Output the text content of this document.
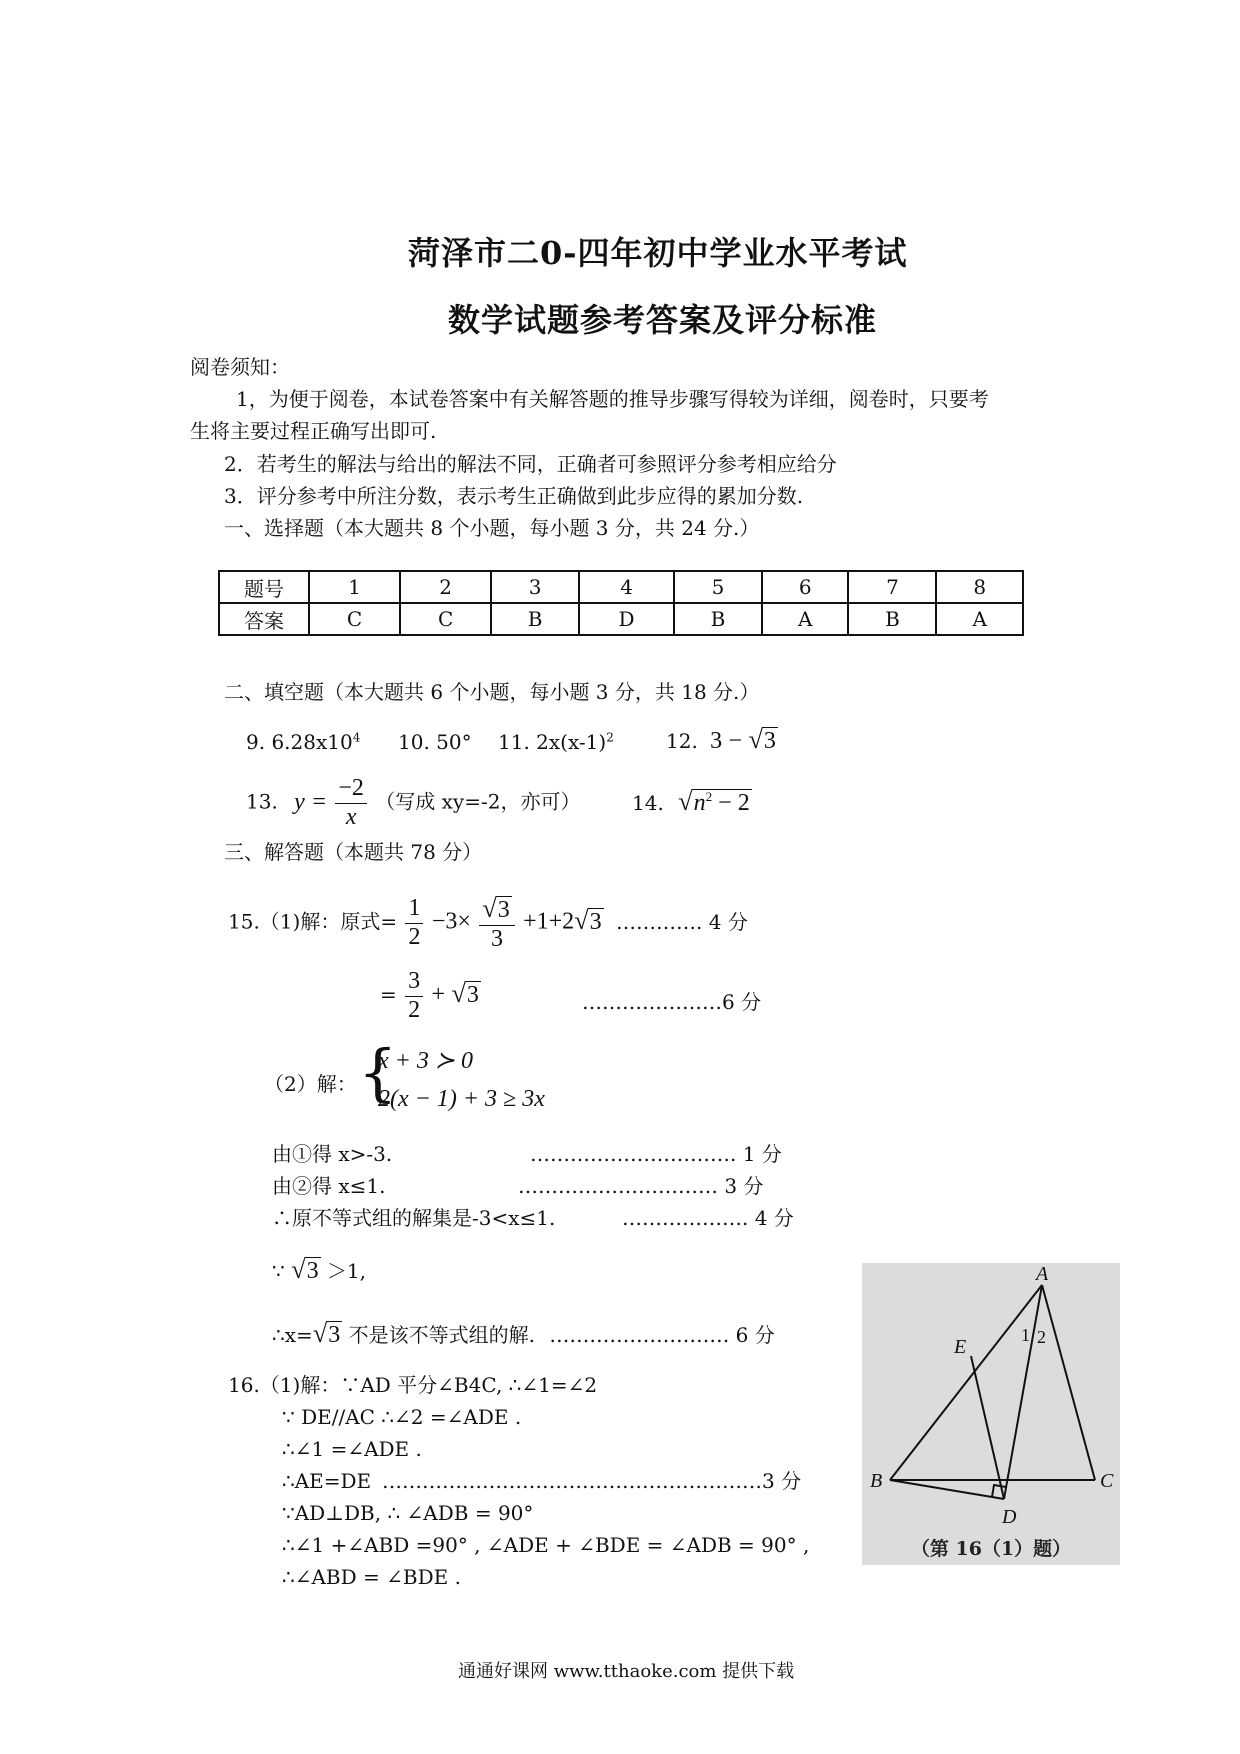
菏泽市二0-四年初中学业水平考试
数学试题参考答案及评分标准
阅卷须知：
1，为便于阅卷，本试卷答案中有关解答题的推导步骤写得较为详细，阅卷时，只要考
生将主要过程正确写出即可.
2．若考生的解法与给出的解法不同，正确者可参照评分参考相应给分
3．评分参考中所注分数，表示考生正确做到此步应得的累加分数.
一、选择题（本大题共 8 个小题，每小题 3 分，共 24 分.）
题号	1	2	3	4	5	6	7	8
答案	C	C	B	D	B	A	B	A
二、填空题（本大题共 6 个小题，每小题 3 分，共 18 分.）
9. $6.28x10^4$ 10. 50° 11. $2x(x-1)^2$	12. 3 − √3
13. $y = \frac{-2}{x}$ （写成 xy=-2，亦可）	14. $√n^2 - 2$
三、解答题（本题共 78 分）
15.（1)解：原式= $\frac{1}{2} -3\times \frac{√3}{3} +1+2√3$ …………. 4 分
= $\frac{3}{2} + √3$	…………………6 分
（2）解： {
x + 3 ≻ 0
2(x − 1) + 3 ≥ 3x
由①得 x>-3.	…………………………. 1 分
由②得 x≤1.	………………………… 3 分
∴原不等式组的解集是-3<x≤1.	………………. 4 分
∵ √3 ＞1,
∴x=√3 不是该不等式组的解. ……………………… 6 分
16.（1)解：∵AD 平分∠B4C, ∴∠1=∠2
∵ DE//AC ∴∠2 =∠ADE .
∴∠1 =∠ADE .
∴AE=DE …………………………………………………3 分
∵AD⊥DB, ∴ ∠ADB = 90°
∴∠1 +∠ABD =90° , ∠ADE + ∠BDE = ∠ADB = 90° ,
∴∠ABD = ∠BDE .
A
E
B	C
D
1 2
（第 16（1）题）
通通好课网 www.tthaoke.com 提供下载
